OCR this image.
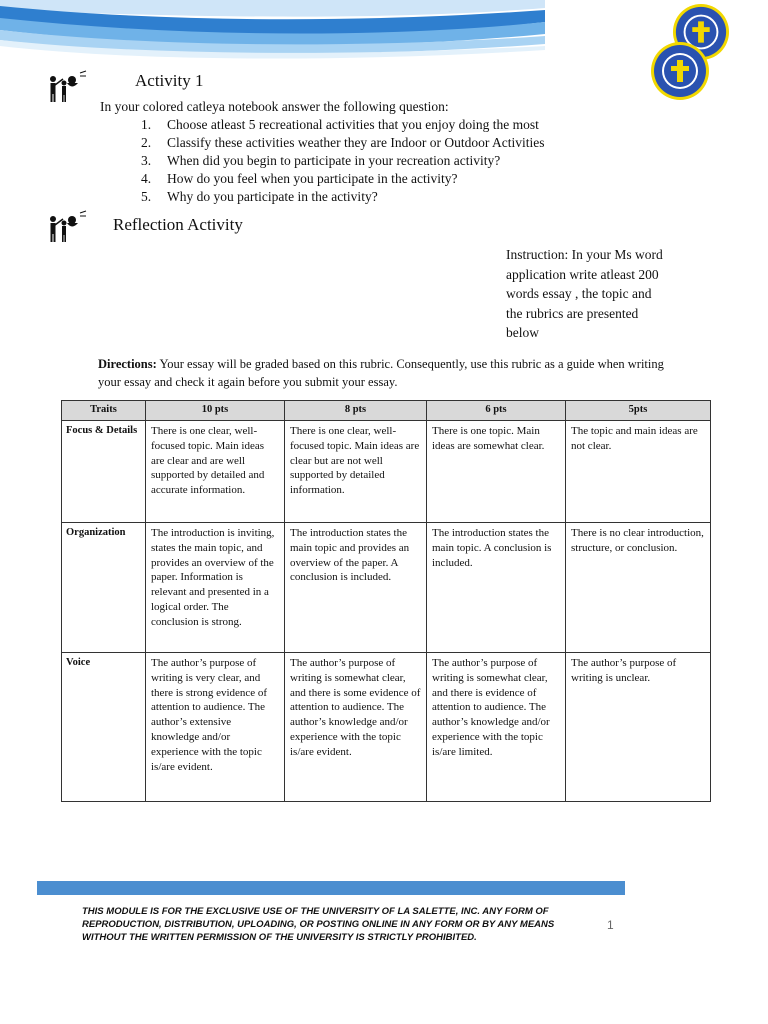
Activity 1
In your colored catleya notebook answer the following question:
1. Choose atleast 5 recreational activities that you enjoy doing the most
2. Classify these activities weather they are Indoor or Outdoor Activities
3. When did you begin to participate in your recreation activity?
4. How do you feel when you participate in the activity?
5. Why do you participate in the activity?
Reflection Activity
Instruction: In your Ms word application write atleast 200 words essay , the topic and the rubrics are presented below
Directions: Your essay will be graded based on this rubric. Consequently, use this rubric as a guide when writing your essay and check it again before you submit your essay.
Traits	10 pts	8 pts	6 pts	5pts
Focus & Details	There is one clear, well-focused topic. Main ideas are clear and are well supported by detailed and accurate information.	There is one clear, well-focused topic. Main ideas are clear but are not well supported by detailed information.	There is one topic. Main ideas are somewhat clear.	The topic and main ideas are not clear.
Organization	The introduction is inviting, states the main topic, and provides an overview of the paper. Information is relevant and presented in a logical order. The conclusion is strong.	The introduction states the main topic and provides an overview of the paper. A conclusion is included.	The introduction states the main topic. A conclusion is included.	There is no clear introduction, structure, or conclusion.
Voice	The author’s purpose of writing is very clear, and there is strong evidence of attention to audience. The author’s extensive knowledge and/or experience with the topic is/are evident.	The author’s purpose of writing is somewhat clear, and there is some evidence of attention to audience. The author’s knowledge and/or experience with the topic is/are evident.	The author’s purpose of writing is somewhat clear, and there is evidence of attention to audience. The author’s knowledge and/or experience with the topic is/are limited.	The author’s purpose of writing is unclear.
THIS MODULE IS FOR THE EXCLUSIVE USE OF THE UNIVERSITY OF LA SALETTE, INC. ANY FORM OF REPRODUCTION, DISTRIBUTION, UPLOADING, OR POSTING ONLINE IN ANY FORM OR BY ANY MEANS WITHOUT THE WRITTEN PERMISSION OF THE UNIVERSITY IS STRICTLY PROHIBITED.
1
